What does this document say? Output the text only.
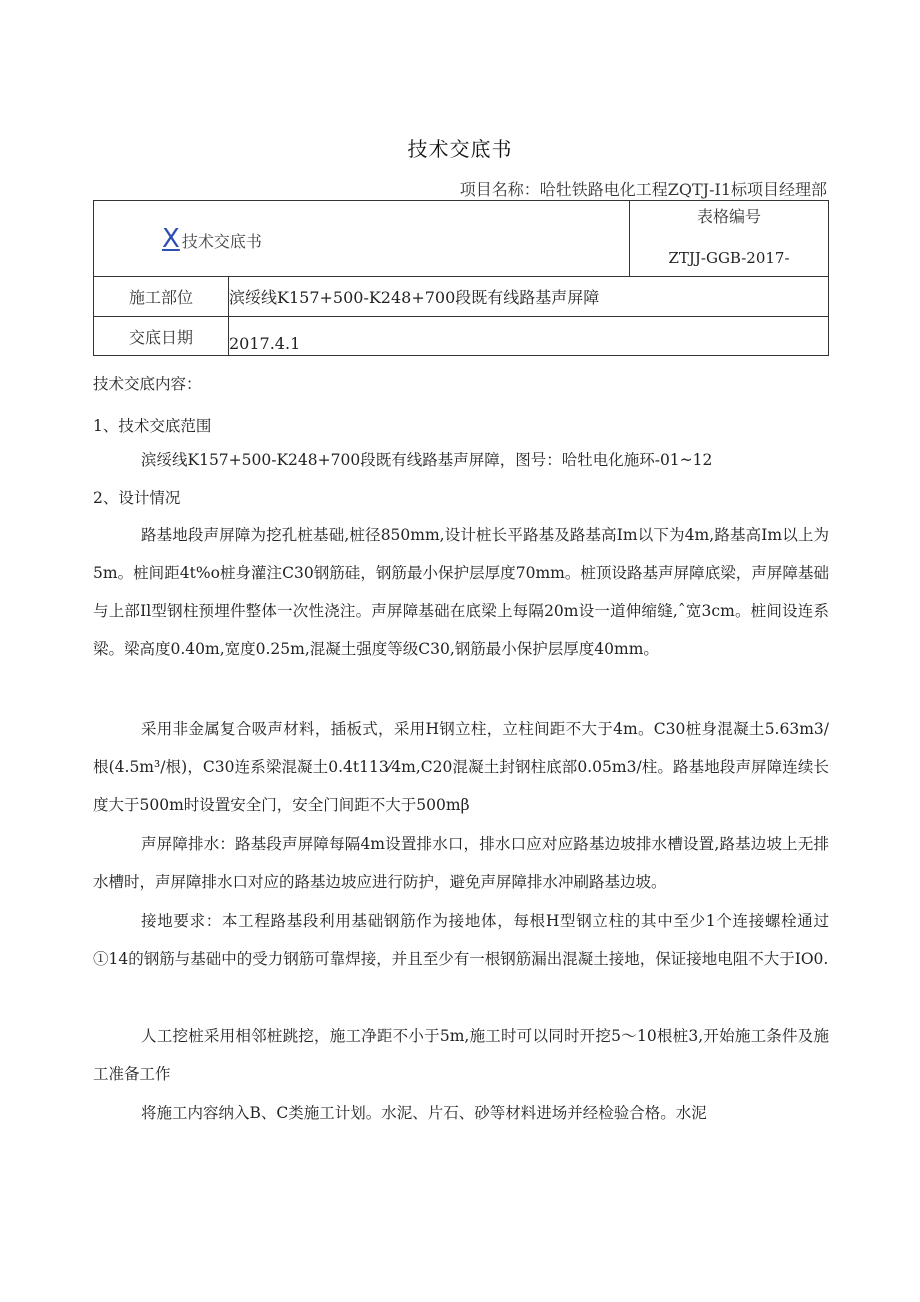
技术交底书
项目名称：哈牡铁路电化工程ZQTJ-I1标项目经理部
X 技术交底书		表格编号
ZTJJ-GGB-2017-

施工部位	滨绥线K157+500-K248+700段既有线路基声屏障	
交底日期	2017.4.1	
技术交底内容：
1、技术交底范围
滨绥线K157+500-K248+700段既有线路基声屏障，图号：哈牡电化施环-01~12
2、设计情况
路基地段声屏障为挖孔桩基础,桩径850mm,设计桩长平路基及路基高Im以下为4m,路基高Im以上为5m。桩间距4t%o桩身灌注C30钢筋硅，钢筋最小保护层厚度70mm。桩顶设路基声屏障底梁，声屏障基础与上部Il型钢柱预埋件整体一次性浇注。声屏障基础在底梁上每隔20m设一道伸缩缝,ˆ宽3cm。桩间设连系梁。梁高度0.40m,宽度0.25m,混凝土强度等级C30,钢筋最小保护层厚度40mm。
采用非金属复合吸声材料，插板式，采用H钢立柱，立柱间距不大于4m。C30桩身混凝土5.63m3/根(4.5m³/根)，C30连系梁混凝土0.4t113⁄4m,C20混凝土封钢柱底部0.05m3/柱。路基地段声屏障连续长度大于500m时设置安全门，安全门间距不大于500mβ
声屏障排水：路基段声屏障每隔4m设置排水口，排水口应对应路基边坡排水槽设置,路基边坡上无排水槽时，声屏障排水口对应的路基边坡应进行防护，避免声屏障排水冲刷路基边坡。
接地要求：本工程路基段利用基础钢筋作为接地体，每根H型钢立柱的其中至少1个连接螺栓通过①14的钢筋与基础中的受力钢筋可靠焊接，并且至少有一根钢筋漏出混凝土接地，保证接地电阻不大于IO0.
人工挖桩采用相邻桩跳挖，施工净距不小于5m,施工时可以同时开挖5～10根桩3,开始施工条件及施工准备工作
将施工内容纳入B、C类施工计划。水泥、片石、砂等材料进场并经检验合格。水泥
